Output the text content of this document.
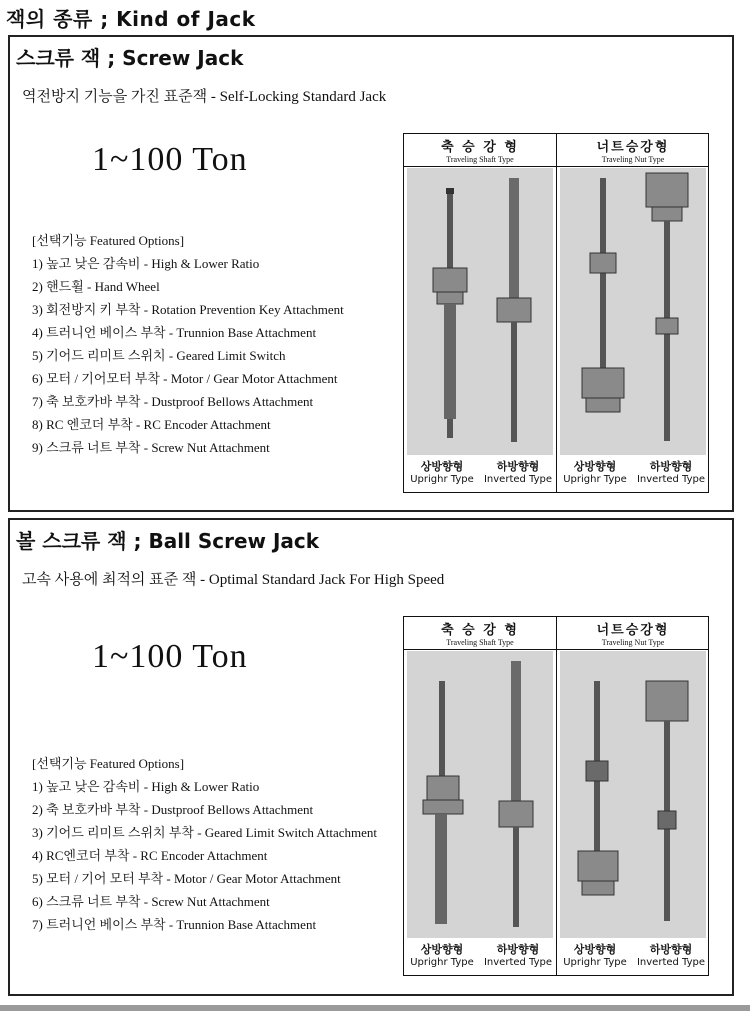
잭의 종류 ; Kind of Jack
스크류 잭 ; Screw Jack
역전방지 기능을 가진 표준잭 - Self-Locking Standard Jack
1~100 Ton
[선택기능 Featured Options]
1) 높고 낮은 감속비 - High & Lower Ratio
2) 핸드휠 - Hand Wheel
3) 회전방지 키 부착 - Rotation Prevention Key Attachment
4) 트러니언 베이스 부착 - Trunnion Base Attachment
5) 기어드 리미트 스위치 - Geared Limit Switch
6) 모터 / 기어모터 부착 - Motor / Gear Motor Attachment
7) 축 보호카바 부착 - Dustproof Bellows Attachment
8) RC 엔코더 부착 - RC Encoder Attachment
9) 스크류 너트 부착 - Screw Nut Attachment
축 승 강 형
Traveling Shaft Type
상방향형
Uprighr Type
하방향형
Inverted Type
너트승강형
Traveling Nut Type
상방향형
Uprighr Type
하방향형
Inverted Type
볼 스크류 잭 ; Ball Screw Jack
고속 사용에 최적의 표준 잭 - Optimal Standard Jack For High Speed
1~100 Ton
[선택기능 Featured Options]
1) 높고 낮은 감속비 - High & Lower Ratio
2) 축 보호카바 부착 - Dustproof Bellows Attachment
3) 기어드 리미트 스위치 부착 - Geared Limit Switch Attachment
4) RC엔코더 부착 - RC Encoder Attachment
5) 모터 / 기어 모터 부착 - Motor / Gear Motor Attachment
6) 스크류 너트 부착 - Screw Nut Attachment
7) 트러니언 베이스 부착 - Trunnion Base Attachment
축 승 강 형
Traveling Shaft Type
상방향형
Uprighr Type
하방향형
Inverted Type
너트승강형
Traveling Nut Type
상방향형
Uprighr Type
하방향형
Inverted Type
